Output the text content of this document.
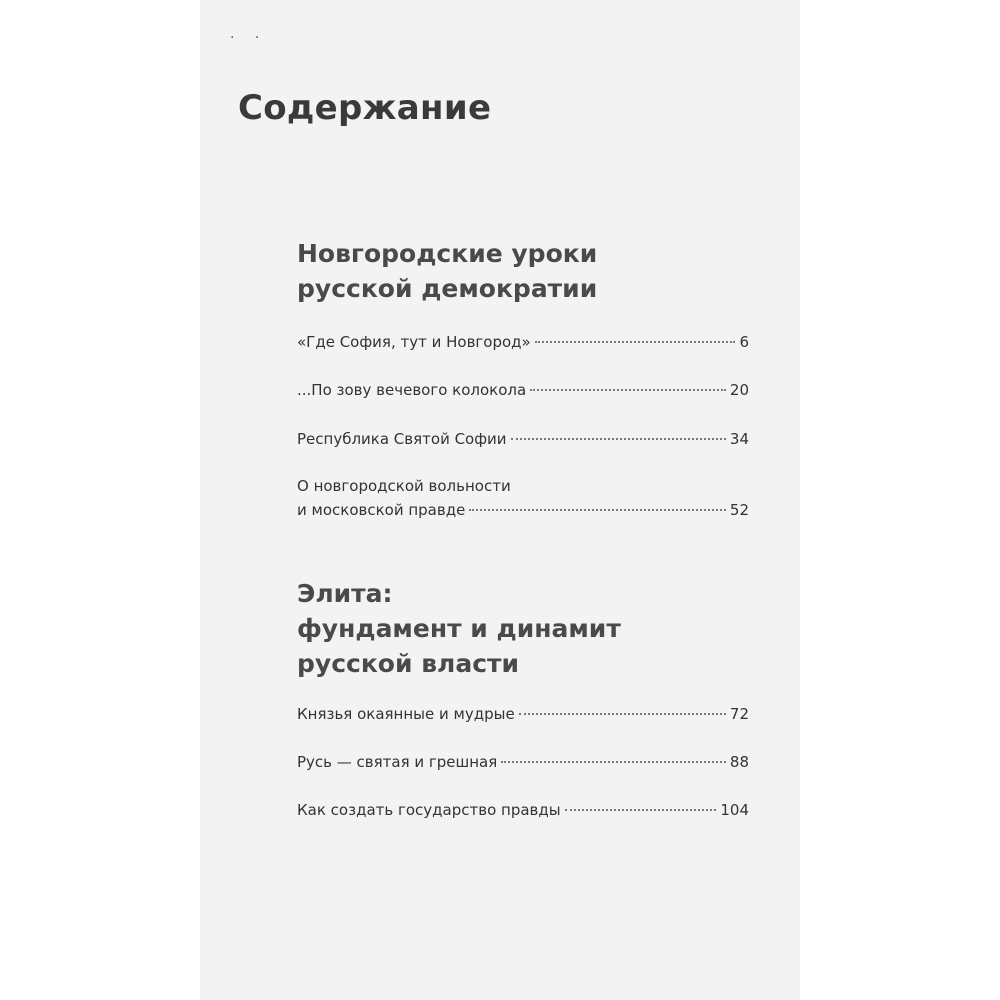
· ·
Содержание
Новгородские уроки
русской демократии
«Где София, тут и Новгород»	6
...По зову вечевого колокола	20
Республика Святой Софии	34
О новгородской вольности
и московской правде	52
Элита:
фундамент и динамит
русской власти
Князья окаянные и мудрые	72
Русь — святая и грешная	88
Как создать государство правды	104
